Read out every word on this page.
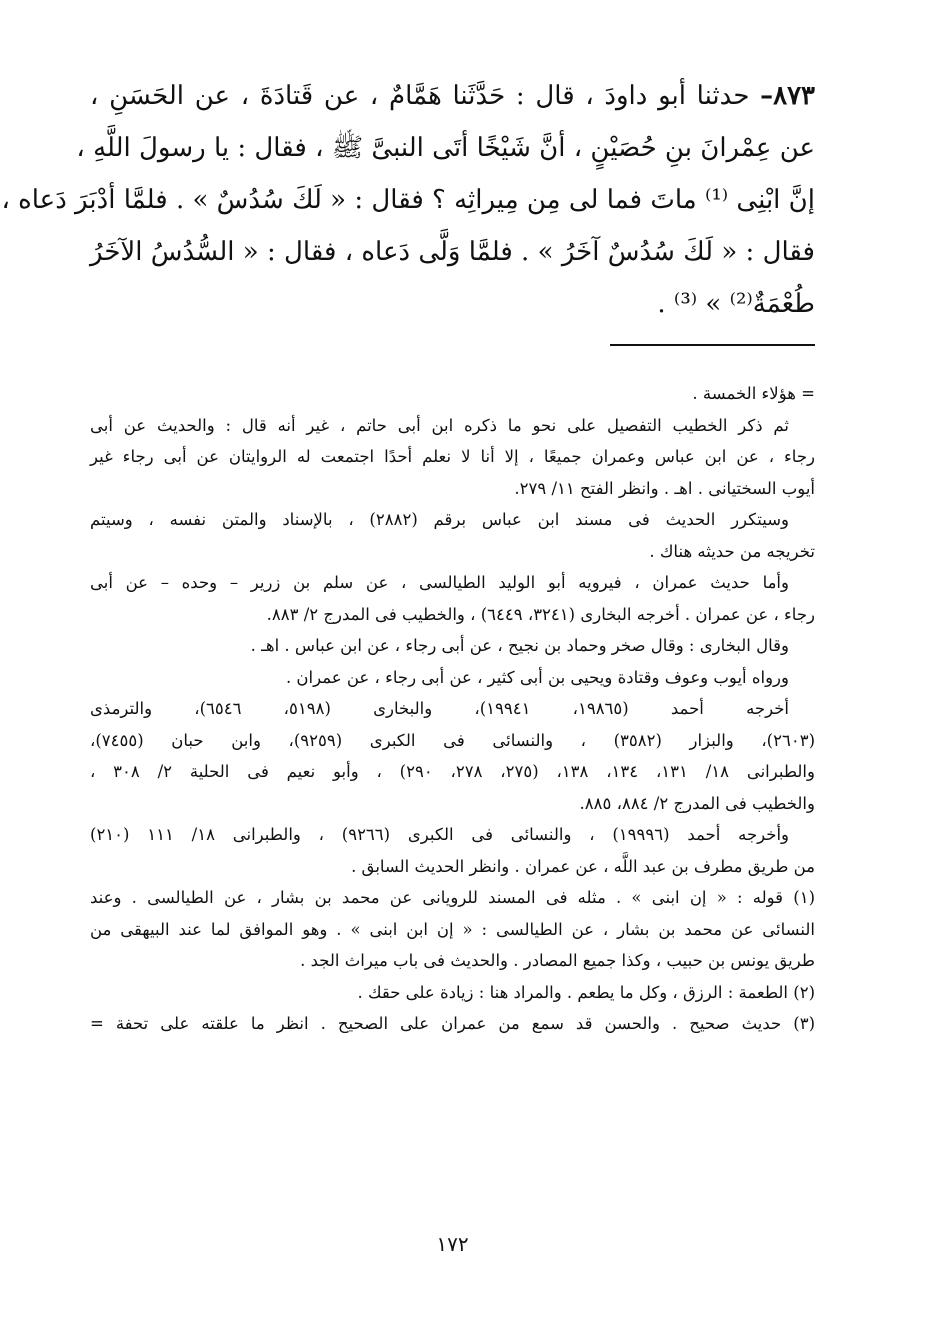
٨٧٣– حدثنا أبو داودَ ، قال : حَدَّثَنا هَمَّامٌ ، عن قَتادَةَ ، عن الحَسَنِ ،
عن عِمْرانَ بنِ حُصَيْنٍ ، أنَّ شَيْخًا أتَى النبىَّ ﷺ ، فقال : يا رسولَ اللَّهِ ،
إنَّ ابْنِى ⁽¹⁾ ماتَ فما لى مِن مِيراثِه ؟ فقال : « لَكَ سُدُسٌ » . فلمَّا أدْبَرَ دَعاه ،
فقال : « لَكَ سُدُسٌ آخَرُ » . فلمَّا وَلَّى دَعاه ، فقال : « السُّدُسُ الآخَرُ
طُعْمَةٌ⁽²⁾ » ⁽³⁾ .
= هؤلاء الخمسة .
ثم ذكر الخطيب التفصيل على نحو ما ذكره ابن أبى حاتم ، غير أنه قال : والحديث عن أبى
رجاء ، عن ابن عباس وعمران جميعًا ، إلا أنا لا نعلم أحدًا اجتمعت له الروايتان عن أبى رجاء غير
أيوب السختيانى . اهـ . وانظر الفتح ١١/ ٢٧٩.
وسيتكرر الحديث فى مسند ابن عباس برقم (٢٨٨٢) ، بالإسناد والمتن نفسه ، وسيتم
تخريجه من حديثه هناك .
وأما حديث عمران ، فيرويه أبو الوليد الطيالسى ، عن سلم بن زرير – وحده – عن أبى
رجاء ، عن عمران . أخرجه البخارى (٣٢٤١، ٦٤٤٩) ، والخطيب فى المدرج ٢/ ٨٨٣.
وقال البخارى : وقال صخر وحماد بن نجيح ، عن أبى رجاء ، عن ابن عباس . اهـ .
ورواه أيوب وعوف وقتادة ويحيى بن أبى كثير ، عن أبى رجاء ، عن عمران .
أخرجه أحمد (١٩٨٦٥، ١٩٩٤١)، والبخارى (٥١٩٨، ٦٥٤٦)، والترمذى
(٢٦٠٣)، والبزار (٣٥٨٢) ، والنسائى فى الكبرى (٩٢٥٩)، وابن حبان (٧٤٥٥)،
والطبرانى ١٨/ ١٣١، ١٣٤، ١٣٨، (٢٧٥، ٢٧٨، ٢٩٠) ، وأبو نعيم فى الحلية ٢/ ٣٠٨ ،
والخطيب فى المدرج ٢/ ٨٨٤، ٨٨٥.
وأخرجه أحمد (١٩٩٩٦) ، والنسائى فى الكبرى (٩٢٦٦) ، والطبرانى ١٨/ ١١١ (٢١٠)
من طريق مطرف بن عبد اللَّه ، عن عمران . وانظر الحديث السابق .
(١) قوله : « إن ابنى » . مثله فى المسند للرويانى عن محمد بن بشار ، عن الطيالسى . وعند
النسائى عن محمد بن بشار ، عن الطيالسى : « إن ابن ابنى » . وهو الموافق لما عند البيهقى من
طريق يونس بن حبيب ، وكذا جميع المصادر . والحديث فى باب ميراث الجد .
(٢) الطعمة : الرزق ، وكل ما يطعم . والمراد هنا : زيادة على حقك .
(٣) حديث صحيح . والحسن قد سمع من عمران على الصحيح . انظر ما علقته على تحفة =
١٧٢
